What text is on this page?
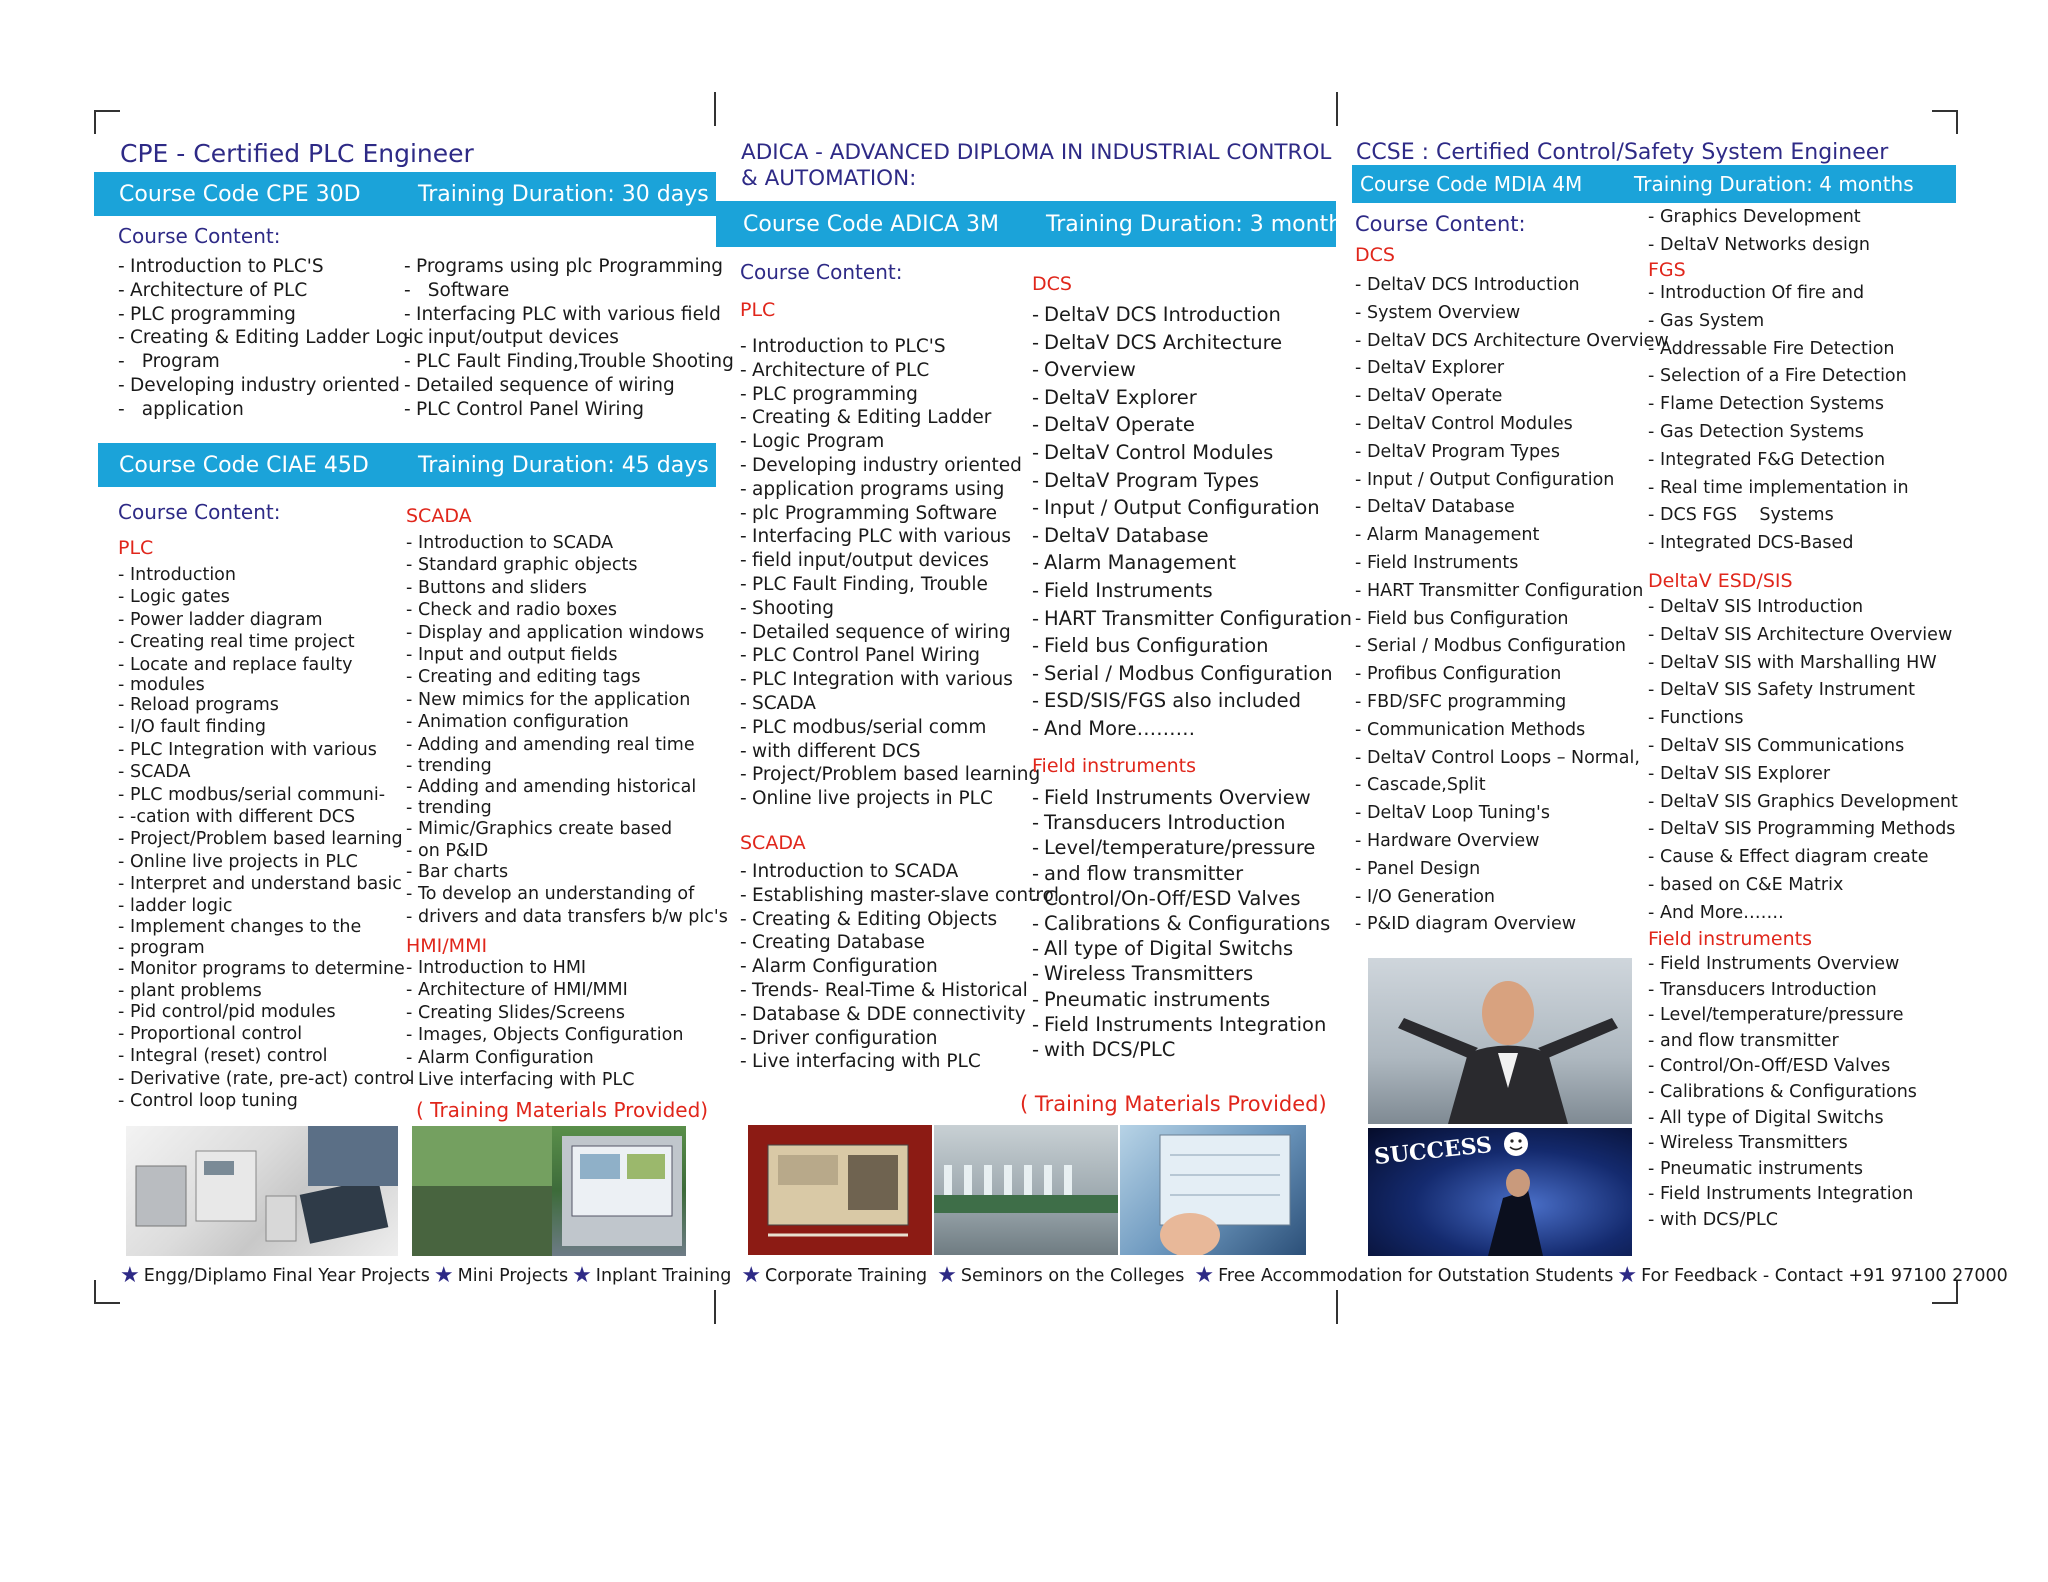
CPE - Certified PLC Engineer
Course Code CPE 30D	Training Duration: 30 days
Course Content:
- Introduction to PLC'S
- Architecture of PLC
- PLC programming
- Creating & Editing Ladder Logic
-   Program
- Developing industry oriented
-   application
- Programs using plc Programming
-   Software
- Interfacing PLC with various field
-   input/output devices
- PLC Fault Finding,Trouble Shooting
- Detailed sequence of wiring
- PLC Control Panel Wiring
Course Code CIAE 45D Training Duration: 45 days
Course Content:
PLC
- Introduction
- Logic gates
- Power ladder diagram
- Creating real time project
- Locate and replace faulty
- modules
- Reload programs
- I/O fault finding
- PLC Integration with various
- SCADA
- PLC modbus/serial communi-
- -cation with different DCS
- Project/Problem based learning
- Online live projects in PLC
- Interpret and understand basic
- ladder logic
- Implement changes to the
- program
- Monitor programs to determine
- plant problems
- Pid control/pid modules
- Proportional control
- Integral (reset) control
- Derivative (rate, pre-act) control
- Control loop tuning
SCADA
- Introduction to SCADA
- Standard graphic objects
- Buttons and sliders
- Check and radio boxes
- Display and application windows
- Input and output fields
- Creating and editing tags
- New mimics for the application
- Animation configuration
- Adding and amending real time
- trending
- Adding and amending historical
- trending
- Mimic/Graphics create based
- on P&ID
- Bar charts
- To develop an understanding of
- drivers and data transfers b/w plc's
HMI/MMI
- Introduction to HMI
- Architecture of HMI/MMI
- Creating Slides/Screens
- Images, Objects Configuration
- Alarm Configuration
- Live interfacing with PLC
( Training Materials Provided)
ADICA - ADVANCED DIPLOMA IN INDUSTRIAL CONTROL
& AUTOMATION:
Course Code ADICA 3M Training Duration: 3 months
Course Content:
PLC
- Introduction to PLC'S
- Architecture of PLC
- PLC programming
- Creating & Editing Ladder
- Logic Program
- Developing industry oriented
- application programs using
- plc Programming Software
- Interfacing PLC with various
- field input/output devices
- PLC Fault Finding, Trouble
- Shooting
- Detailed sequence of wiring
- PLC Control Panel Wiring
- PLC Integration with various
- SCADA
- PLC modbus/serial comm
- with different DCS
- Project/Problem based learning
- Online live projects in PLC
SCADA
- Introduction to SCADA
- Establishing master-slave control
- Creating & Editing Objects
- Creating Database
- Alarm Configuration
- Trends- Real-Time & Historical
- Database & DDE connectivity
- Driver configuration
- Live interfacing with PLC
DCS
- DeltaV DCS Introduction
- DeltaV DCS Architecture
- Overview
- DeltaV Explorer
- DeltaV Operate
- DeltaV Control Modules
- DeltaV Program Types
- Input / Output Configuration
- DeltaV Database
- Alarm Management
- Field Instruments
- HART Transmitter Configuration
- Field bus Configuration
- Serial / Modbus Configuration
- ESD/SIS/FGS also included
- And More………
Field instruments
- Field Instruments Overview
- Transducers Introduction
- Level/temperature/pressure
- and flow transmitter
- Control/On-Off/ESD Valves
- Calibrations & Configurations
- All type of Digital Switchs
- Wireless Transmitters
- Pneumatic instruments
- Field Instruments Integration
- with DCS/PLC
( Training Materials Provided)
CCSE : Certified Control/Safety System Engineer
Course Code MDIA 4M	Training Duration: 4 months
Course Content:
DCS
- DeltaV DCS Introduction
- System Overview
- DeltaV DCS Architecture Overview
- DeltaV Explorer
- DeltaV Operate
- DeltaV Control Modules
- DeltaV Program Types
- Input / Output Configuration
- DeltaV Database
- Alarm Management
- Field Instruments
- HART Transmitter Configuration
- Field bus Configuration
- Serial / Modbus Configuration
- Profibus Configuration
- FBD/SFC programming
- Communication Methods
- DeltaV Control Loops – Normal,
- Cascade,Split
- DeltaV Loop Tuning's
- Hardware Overview
- Panel Design
- I/O Generation
- P&ID diagram Overview
- Graphics Development
- DeltaV Networks design
FGS
- Introduction Of fire and
- Gas System
- Addressable Fire Detection
- Selection of a Fire Detection
- Flame Detection Systems
- Gas Detection Systems
- Integrated F&G Detection
- Real time implementation in
- DCS FGS    Systems
- Integrated DCS-Based
DeltaV ESD/SIS
- DeltaV SIS Introduction
- DeltaV SIS Architecture Overview
- DeltaV SIS with Marshalling HW
- DeltaV SIS Safety Instrument
- Functions
- DeltaV SIS Communications
- DeltaV SIS Explorer
- DeltaV SIS Graphics Development
- DeltaV SIS Programming Methods
- Cause & Effect diagram create
- based on C&E Matrix
- And More…….
Field instruments
- Field Instruments Overview
- Transducers Introduction
- Level/temperature/pressure
- and flow transmitter
- Control/On-Off/ESD Valves
- Calibrations & Configurations
- All type of Digital Switchs
- Wireless Transmitters
- Pneumatic instruments
- Field Instruments Integration
- with DCS/PLC
SUCCESS
★ Engg/Diplamo Final Year Projects ★ Mini Projects ★ Inplant Training ★ Corporate Training ★ Seminors on the Colleges ★ Free Accommodation for Outstation Students ★ For Feedback - Contact +91 97100 27000
